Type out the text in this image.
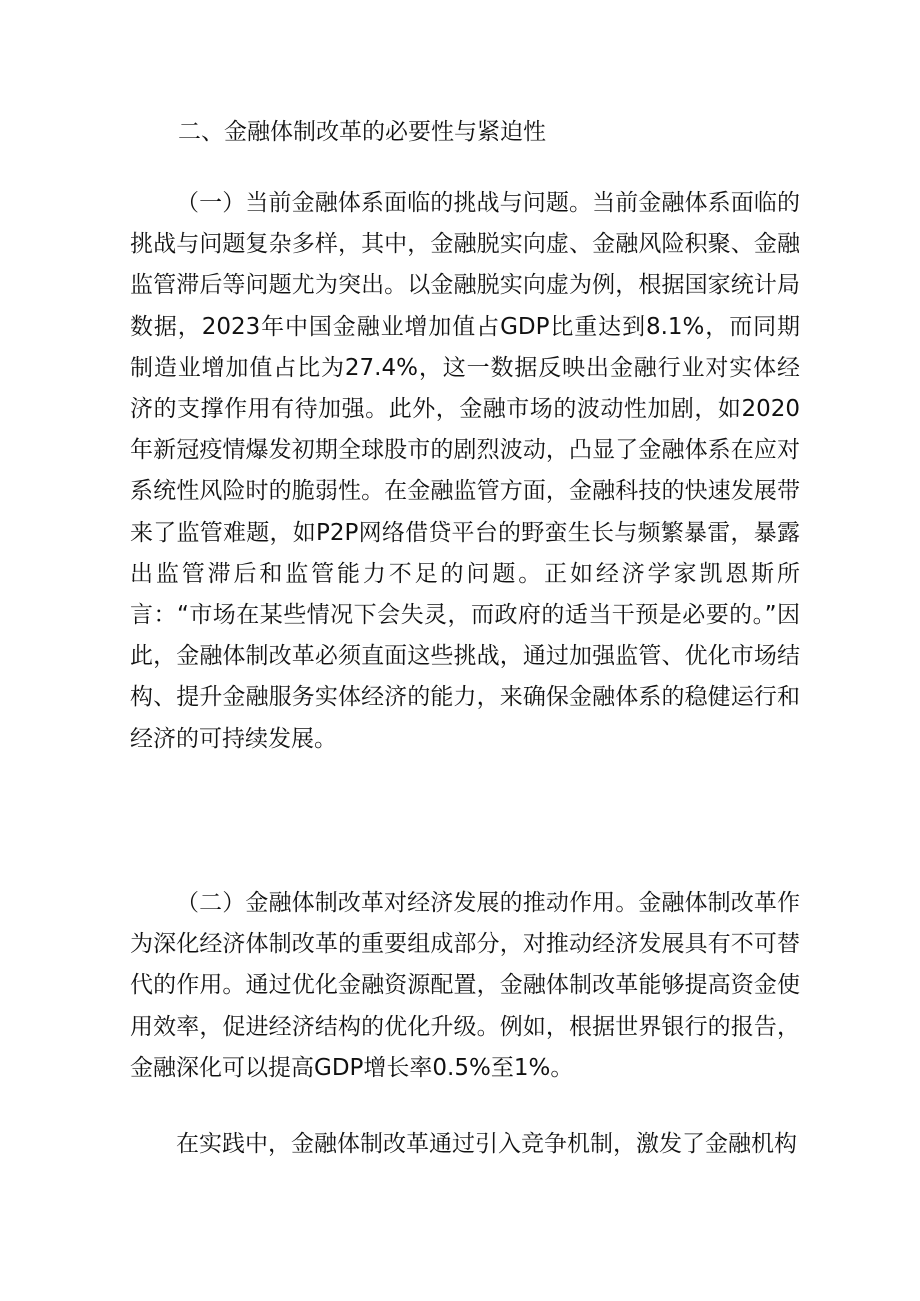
二、金融体制改革的必要性与紧迫性

（一）当前金融体系面临的挑战与问题。当前金融体系面临的挑战与问题复杂多样，其中，金融脱实向虚、金融风险积聚、金融监管滞后等问题尤为突出。以金融脱实向虚为例，根据国家统计局数据，2023年中国金融业增加值占GDP比重达到8.1%，而同期制造业增加值占比为27.4%，这一数据反映出金融行业对实体经济的支撑作用有待加强。此外，金融市场的波动性加剧，如2020年新冠疫情爆发初期全球股市的剧烈波动，凸显了金融体系在应对系统性风险时的脆弱性。在金融监管方面，金融科技的快速发展带来了监管难题，如P2P网络借贷平台的野蛮生长与频繁暴雷，暴露出监管滞后和监管能力不足的问题。正如经济学家凯恩斯所言：“市场在某些情况下会失灵，而政府的适当干预是必要的。”因此，金融体制改革必须直面这些挑战，通过加强监管、优化市场结构、提升金融服务实体经济的能力，来确保金融体系的稳健运行和经济的可持续发展。

（二）金融体制改革对经济发展的推动作用。金融体制改革作为深化经济体制改革的重要组成部分，对推动经济发展具有不可替代的作用。通过优化金融资源配置，金融体制改革能够提高资金使用效率，促进经济结构的优化升级。例如，根据世界银行的报告，金融深化可以提高GDP增长率0.5%至1%。

在实践中，金融体制改革通过引入竞争机制，激发了金融机构
